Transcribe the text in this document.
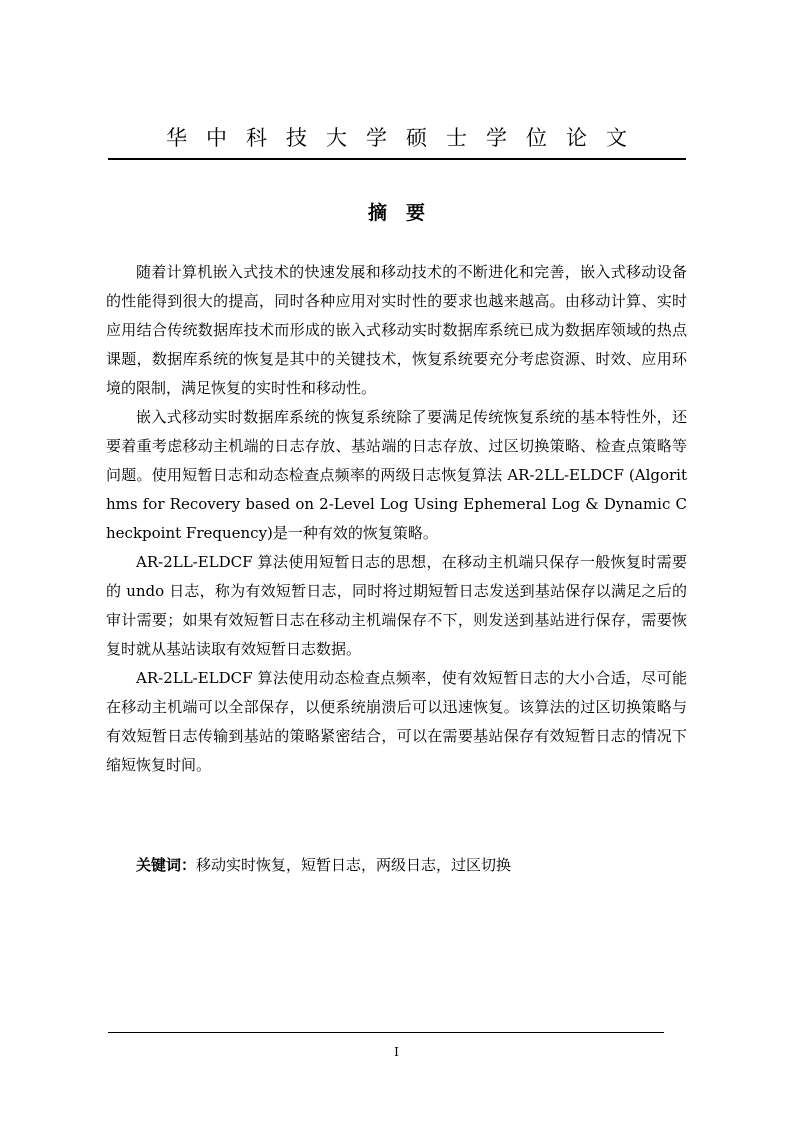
华中科技大学硕士学位论文
摘要

随着计算机嵌入式技术的快速发展和移动技术的不断进化和完善，嵌入式移动设备的性能得到很大的提高，同时各种应用对实时性的要求也越来越高。由移动计算、实时应用结合传统数据库技术而形成的嵌入式移动实时数据库系统已成为数据库领域的热点课题，数据库系统的恢复是其中的关键技术，恢复系统要充分考虑资源、时效、应用环境的限制，满足恢复的实时性和移动性。

嵌入式移动实时数据库系统的恢复系统除了要满足传统恢复系统的基本特性外，还要着重考虑移动主机端的日志存放、基站端的日志存放、过区切换策略、检查点策略等问题。使用短暂日志和动态检查点频率的两级日志恢复算法 AR-2LL-ELDCF (Algorithms for Recovery based on 2-Level Log Using Ephemeral Log & Dynamic Checkpoint Frequency)是一种有效的恢复策略。

AR-2LL-ELDCF 算法使用短暂日志的思想，在移动主机端只保存一般恢复时需要的 undo 日志，称为有效短暂日志，同时将过期短暂日志发送到基站保存以满足之后的审计需要；如果有效短暂日志在移动主机端保存不下，则发送到基站进行保存，需要恢复时就从基站读取有效短暂日志数据。

AR-2LL-ELDCF 算法使用动态检查点频率，使有效短暂日志的大小合适，尽可能在移动主机端可以全部保存，以便系统崩溃后可以迅速恢复。该算法的过区切换策略与有效短暂日志传输到基站的策略紧密结合，可以在需要基站保存有效短暂日志的情况下缩短恢复时间。

关键词：移动实时恢复，短暂日志，两级日志，过区切换
I
